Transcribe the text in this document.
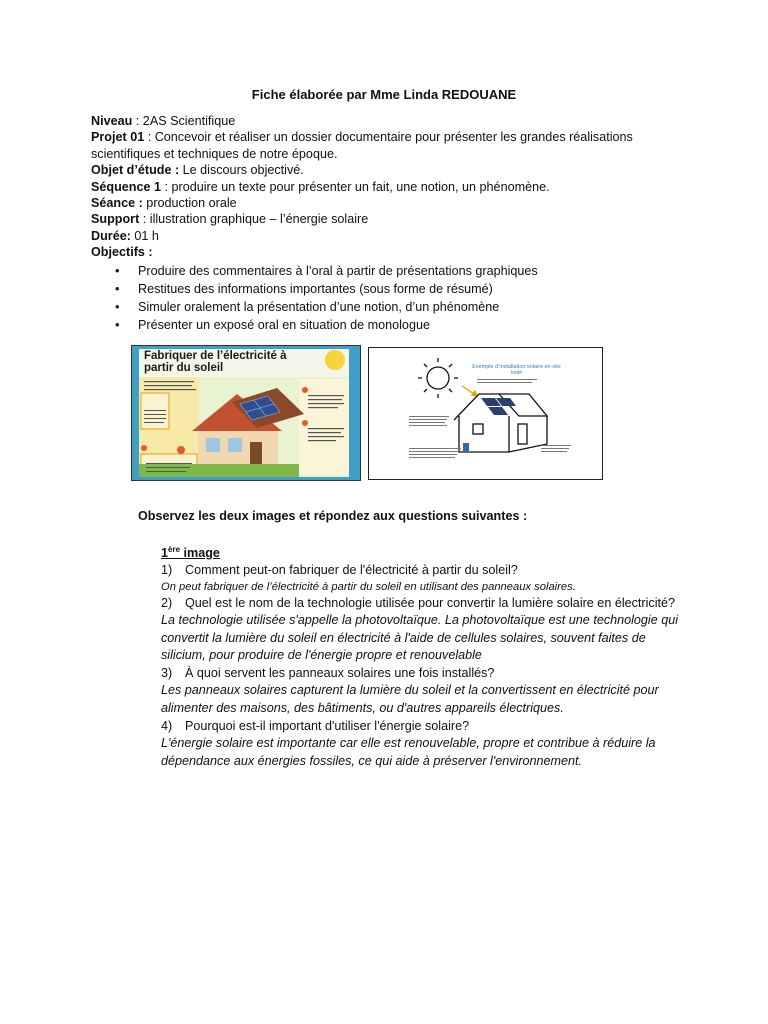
Fiche élaborée par Mme Linda REDOUANE

Niveau : 2AS Scientifique

Projet 01 : Concevoir et réaliser un dossier documentaire pour présenter les grandes réalisations scientifiques et techniques de notre époque.

Objet d’étude : Le discours objectivé.

Séquence 1 : produire un texte pour présenter un fait, une notion, un phénomène.

Séance : production orale

Support : illustration graphique – l’énergie solaire

Durée: 01 h

Objectifs :

• Produire des commentaires à l’oral à partir de présentations graphiques
• Restitues des informations importantes (sous forme de résumé)
• Simuler oralement la présentation d’une notion, d’un phénomène
• Présenter un exposé oral en situation de monologue
Fabriquer de l’électricité à partir du soleil	Exemple d’installation solaire en site isolé

Observez les deux images et répondez aux questions suivantes :

1ère image

1) Comment peut-on fabriquer de l'électricité à partir du soleil?

On peut fabriquer de l’électricité à partir du soleil en utilisant des panneaux solaires.

2) Quel est le nom de la technologie utilisée pour convertir la lumière solaire en électricité?

La technologie utilisée s'appelle la photovoltaïque. La photovoltaïque est une technologie qui convertit la lumière du soleil en électricité à l'aide de cellules solaires, souvent faites de silicium, pour produire de l'énergie propre et renouvelable

3) À quoi servent les panneaux solaires une fois installés?

Les panneaux solaires capturent la lumière du soleil et la convertissent en électricité pour alimenter des maisons, des bâtiments, ou d'autres appareils électriques.

4) Pourquoi est-il important d'utiliser l'énergie solaire?

L'énergie solaire est importante car elle est renouvelable, propre et contribue à réduire la dépendance aux énergies fossiles, ce qui aide à préserver l'environnement.
